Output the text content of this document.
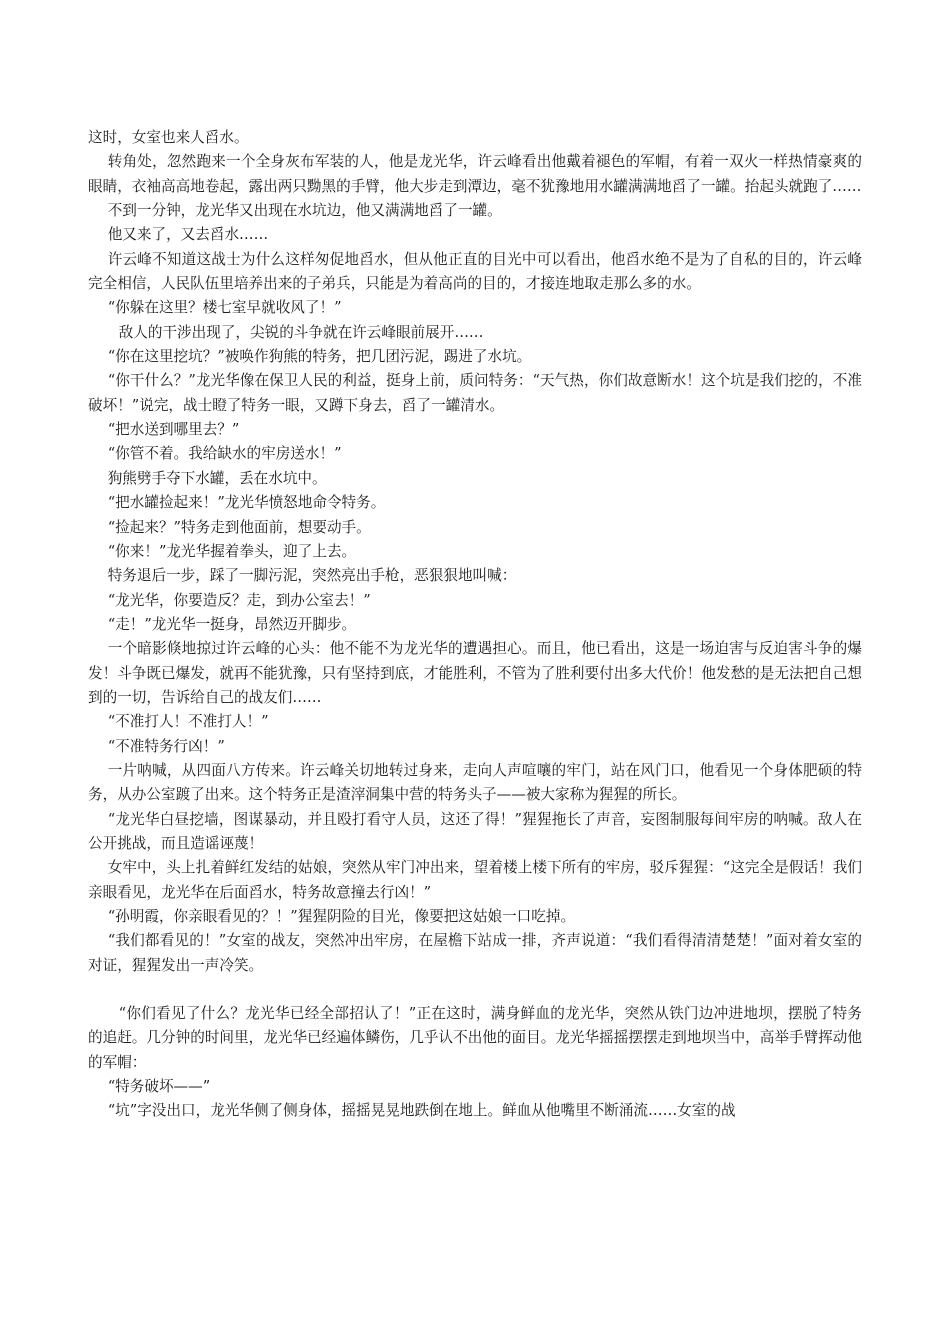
这时，女室也来人舀水。

转角处，忽然跑来一个全身灰布军装的人，他是龙光华，许云峰看出他戴着褪色的军帽，有着一双火一样热情豪爽的眼睛，衣袖高高地卷起，露出两只黝黑的手臂，他大步走到潭边，毫不犹豫地用水罐满满地舀了一罐。抬起头就跑了……

不到一分钟，龙光华又出现在水坑边，他又满满地舀了一罐。

他又来了，又去舀水……

许云峰不知道这战士为什么这样匆促地舀水，但从他正直的目光中可以看出，他舀水绝不是为了自私的目的，许云峰完全相信，人民队伍里培养出来的子弟兵，只能是为着高尚的目的，才接连地取走那么多的水。

“你躲在这里？楼七室早就收风了！”

敌人的干涉出现了，尖锐的斗争就在许云峰眼前展开……

“你在这里挖坑？”被唤作狗熊的特务，把几团污泥，踢进了水坑。

“你干什么？”龙光华像在保卫人民的利益，挺身上前，质问特务：“天气热，你们故意断水！这个坑是我们挖的，不准破坏！”说完，战士瞪了特务一眼，又蹲下身去，舀了一罐清水。

“把水送到哪里去？”

“你管不着。我给缺水的牢房送水！”

狗熊劈手夺下水罐，丢在水坑中。

“把水罐捡起来！”龙光华愤怒地命令特务。

“捡起来？”特务走到他面前，想要动手。

“你来！”龙光华握着拳头，迎了上去。

特务退后一步，踩了一脚污泥，突然亮出手枪，恶狠狠地叫喊：

“龙光华，你要造反？走，到办公室去！”

“走！”龙光华一挺身，昂然迈开脚步。

一个暗影倏地掠过许云峰的心头：他不能不为龙光华的遭遇担心。而且，他已看出，这是一场迫害与反迫害斗争的爆发！斗争既已爆发，就再不能犹豫，只有坚持到底，才能胜利，不管为了胜利要付出多大代价！他发愁的是无法把自己想到的一切，告诉给自己的战友们……

“不准打人！不准打人！”

“不准特务行凶！”

一片呐喊，从四面八方传来。许云峰关切地转过身来，走向人声喧嚷的牢门，站在风门口，他看见一个身体肥硕的特务，从办公室踱了出来。这个特务正是渣滓洞集中营的特务头子——被大家称为猩猩的所长。

“龙光华白昼挖墙，图谋暴动，并且殴打看守人员，这还了得！”猩猩拖长了声音，妄图制服每间牢房的呐喊。敌人在公开挑战，而且造谣诬蔑！

女牢中，头上扎着鲜红发结的姑娘，突然从牢门冲出来，望着楼上楼下所有的牢房，驳斥猩猩：“这完全是假话！我们亲眼看见，龙光华在后面舀水，特务故意撞去行凶！”

“孙明霞，你亲眼看见的？！”猩猩阴险的目光，像要把这姑娘一口吃掉。

“我们都看见的！”女室的战友，突然冲出牢房，在屋檐下站成一排，齐声说道：“我们看得清清楚楚！”面对着女室的对证，猩猩发出一声冷笑。

“你们看见了什么？龙光华已经全部招认了！”正在这时，满身鲜血的龙光华，突然从铁门边冲进地坝，摆脱了特务的追赶。几分钟的时间里，龙光华已经遍体鳞伤，几乎认不出他的面目。龙光华摇摇摆摆走到地坝当中，高举手臂挥动他的军帽：

“特务破坏——”

“坑”字没出口，龙光华侧了侧身体，摇摇晃晃地跌倒在地上。鲜血从他嘴里不断涌流……女室的战
